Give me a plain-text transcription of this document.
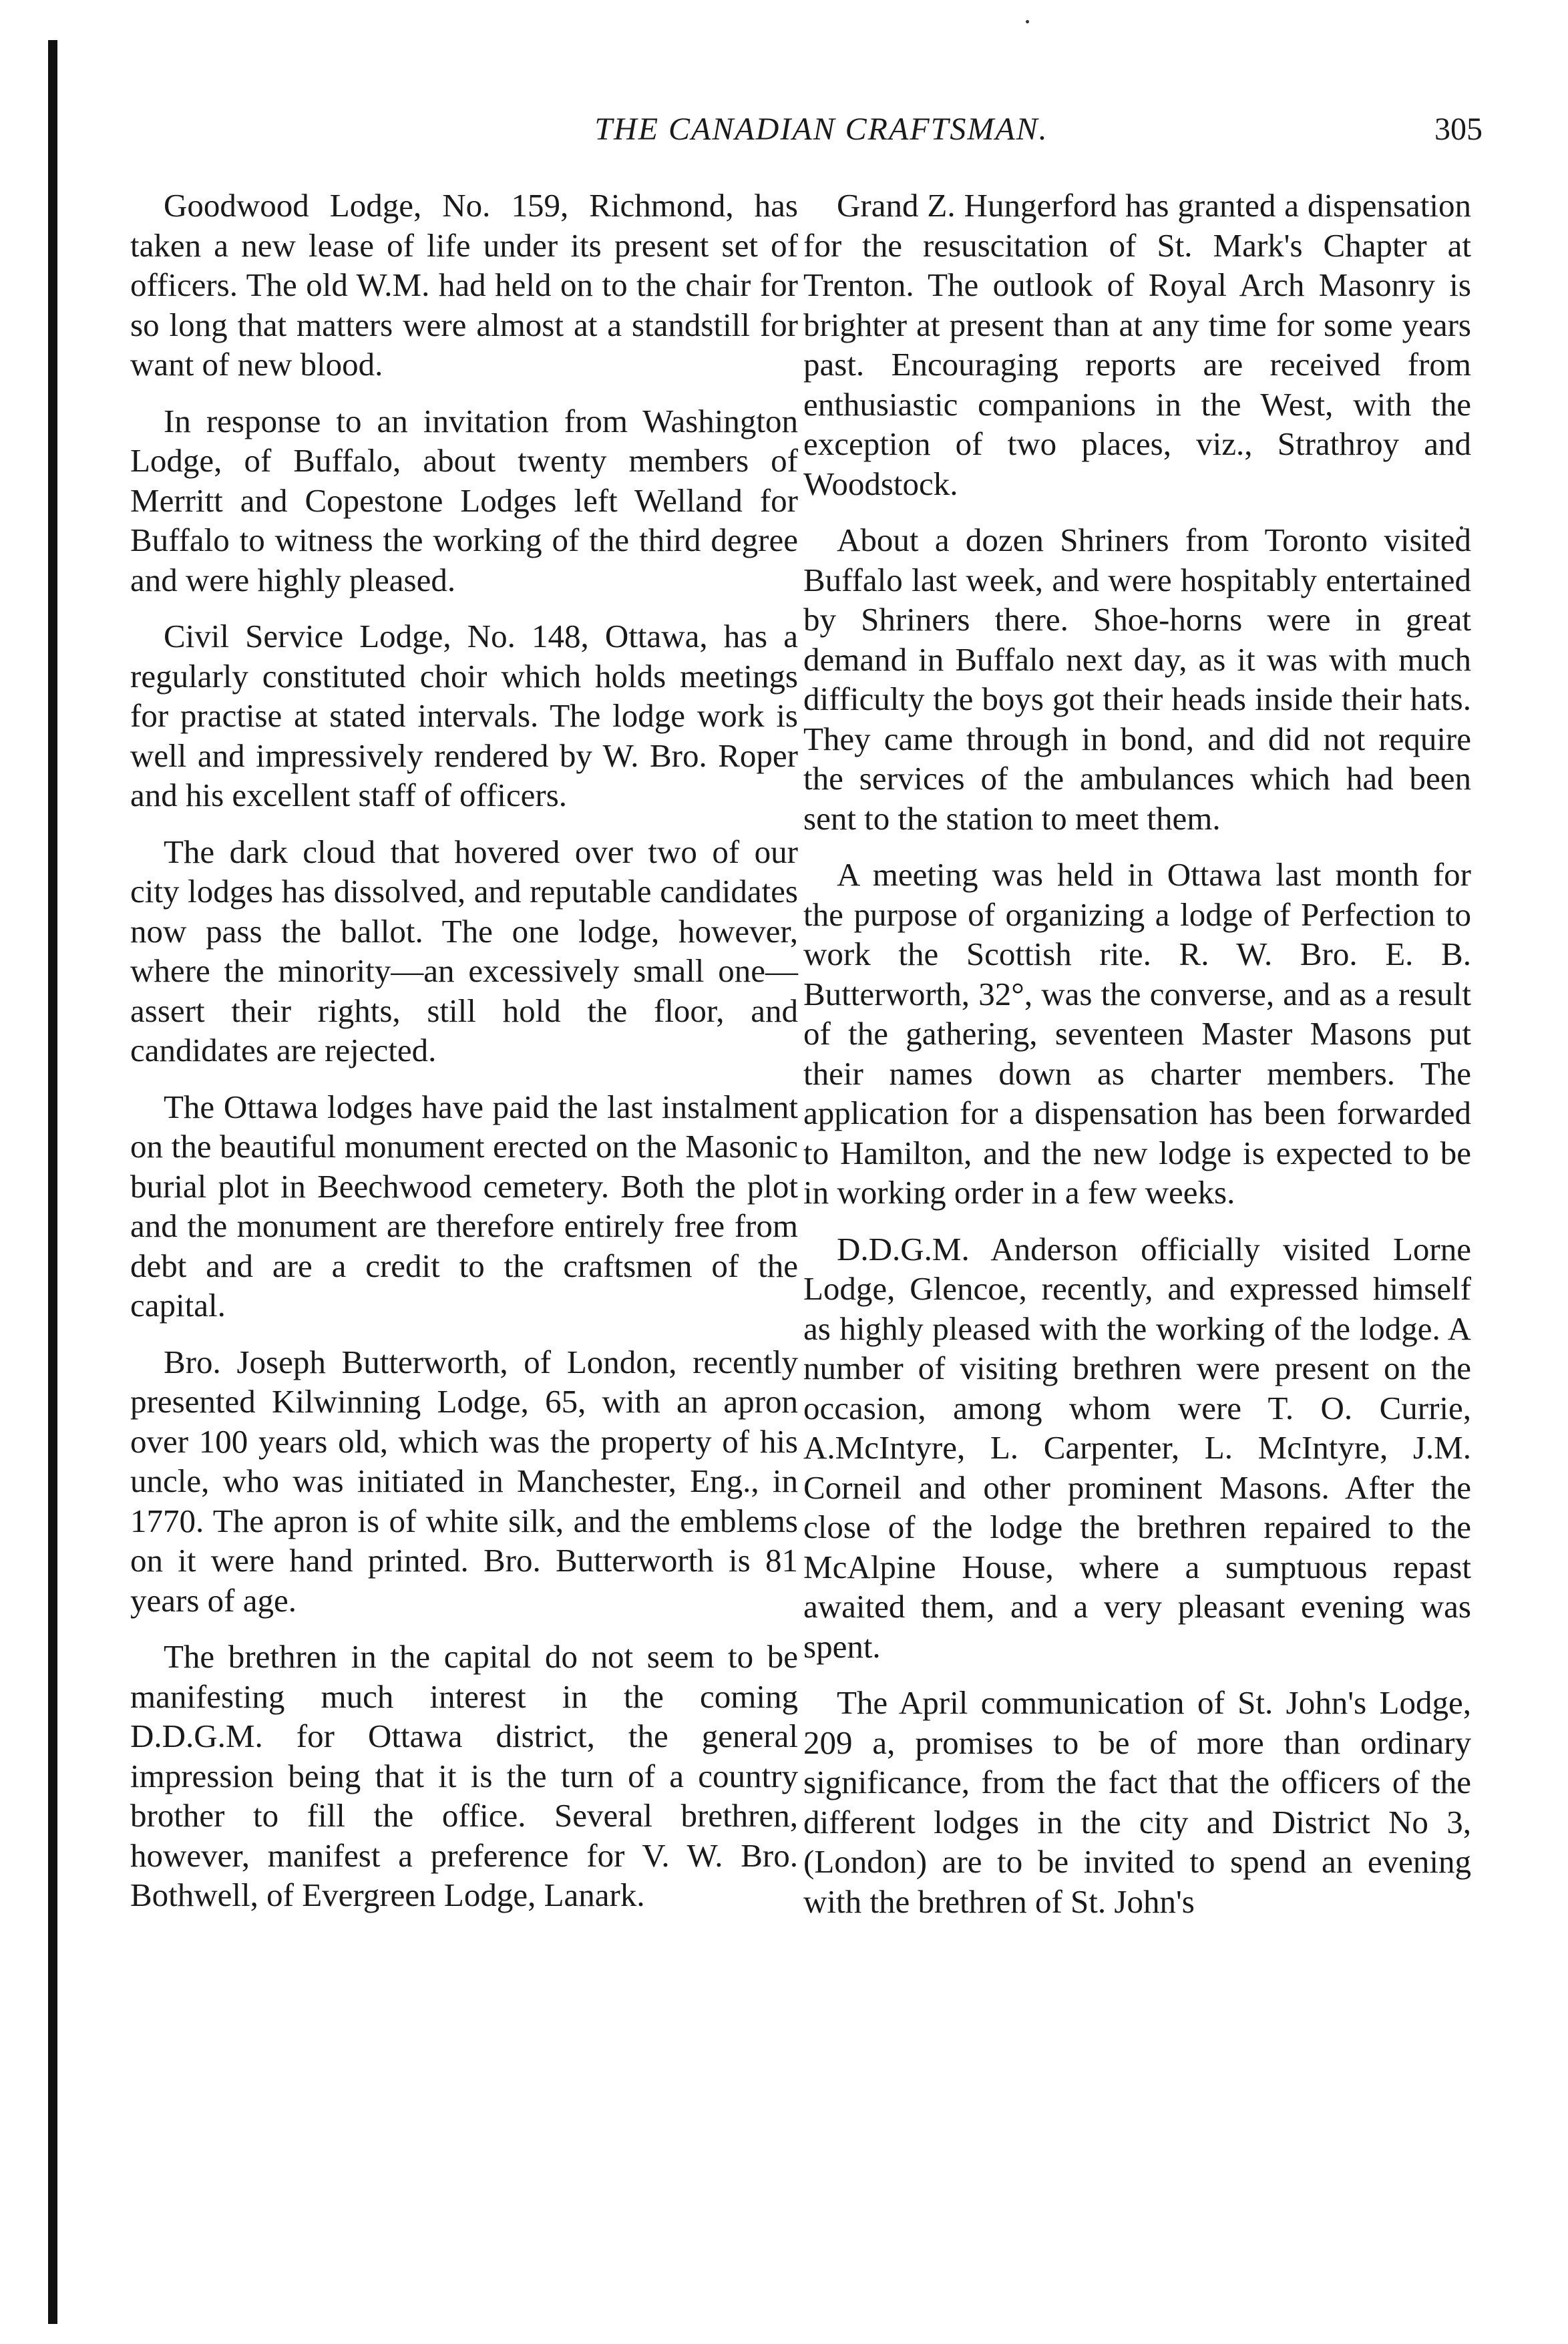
THE CANADIAN CRAFTSMAN.	305

Goodwood Lodge, No. 159, Richmond, has taken a new lease of life under its present set of officers. The old W.M. had held on to the chair for so long that matters were almost at a standstill for want of new blood.

In response to an invitation from Washington Lodge, of Buffalo, about twenty members of Merritt and Copestone Lodges left Welland for Buffalo to witness the working of the third degree and were highly pleased.

Civil Service Lodge, No. 148, Ottawa, has a regularly constituted choir which holds meetings for practise at stated intervals. The lodge work is well and impressively rendered by W. Bro. Roper and his excellent staff of officers.

The dark cloud that hovered over two of our city lodges has dissolved, and reputable candidates now pass the ballot. The one lodge, however, where the minority—an excessively small one—assert their rights, still hold the floor, and candidates are rejected.

The Ottawa lodges have paid the last instalment on the beautiful monument erected on the Masonic burial plot in Beechwood cemetery. Both the plot and the monument are therefore entirely free from debt and are a credit to the craftsmen of the capital.

Bro. Joseph Butterworth, of London, recently presented Kilwinning Lodge, 65, with an apron over 100 years old, which was the property of his uncle, who was initiated in Manchester, Eng., in 1770. The apron is of white silk, and the emblems on it were hand printed. Bro. Butterworth is 81 years of age.

The brethren in the capital do not seem to be manifesting much interest in the coming D.D.G.M. for Ottawa district, the general impression being that it is the turn of a country brother to fill the office. Several brethren, however, manifest a preference for V. W. Bro. Bothwell, of Evergreen Lodge, Lanark.

Grand Z. Hungerford has granted a dispensation for the resuscitation of St. Mark's Chapter at Trenton. The outlook of Royal Arch Masonry is brighter at present than at any time for some years past. Encouraging reports are received from enthusiastic companions in the West, with the exception of two places, viz., Strathroy and Woodstock.

About a dozen Shriners from Toronto visited Buffalo last week, and were hospitably entertained by Shriners there. Shoe-horns were in great demand in Buffalo next day, as it was with much difficulty the boys got their heads inside their hats. They came through in bond, and did not require the services of the ambulances which had been sent to the station to meet them.

A meeting was held in Ottawa last month for the purpose of organizing a lodge of Perfection to work the Scottish rite. R. W. Bro. E. B. Butterworth, 32°, was the converse, and as a result of the gathering, seventeen Master Masons put their names down as charter members. The application for a dispensation has been forwarded to Hamilton, and the new lodge is expected to be in working order in a few weeks.

D.D.G.M. Anderson officially visited Lorne Lodge, Glencoe, recently, and expressed himself as highly pleased with the working of the lodge. A number of visiting brethren were present on the occasion, among whom were T. O. Currie, A.McIntyre, L. Carpenter, L. McIntyre, J.M. Corneil and other prominent Masons. After the close of the lodge the brethren repaired to the McAlpine House, where a sumptuous repast awaited them, and a very pleasant evening was spent.

The April communication of St. John's Lodge, 209 a, promises to be of more than ordinary significance, from the fact that the officers of the different lodges in the city and District No 3, (London) are to be invited to spend an evening with the brethren of St. John's
